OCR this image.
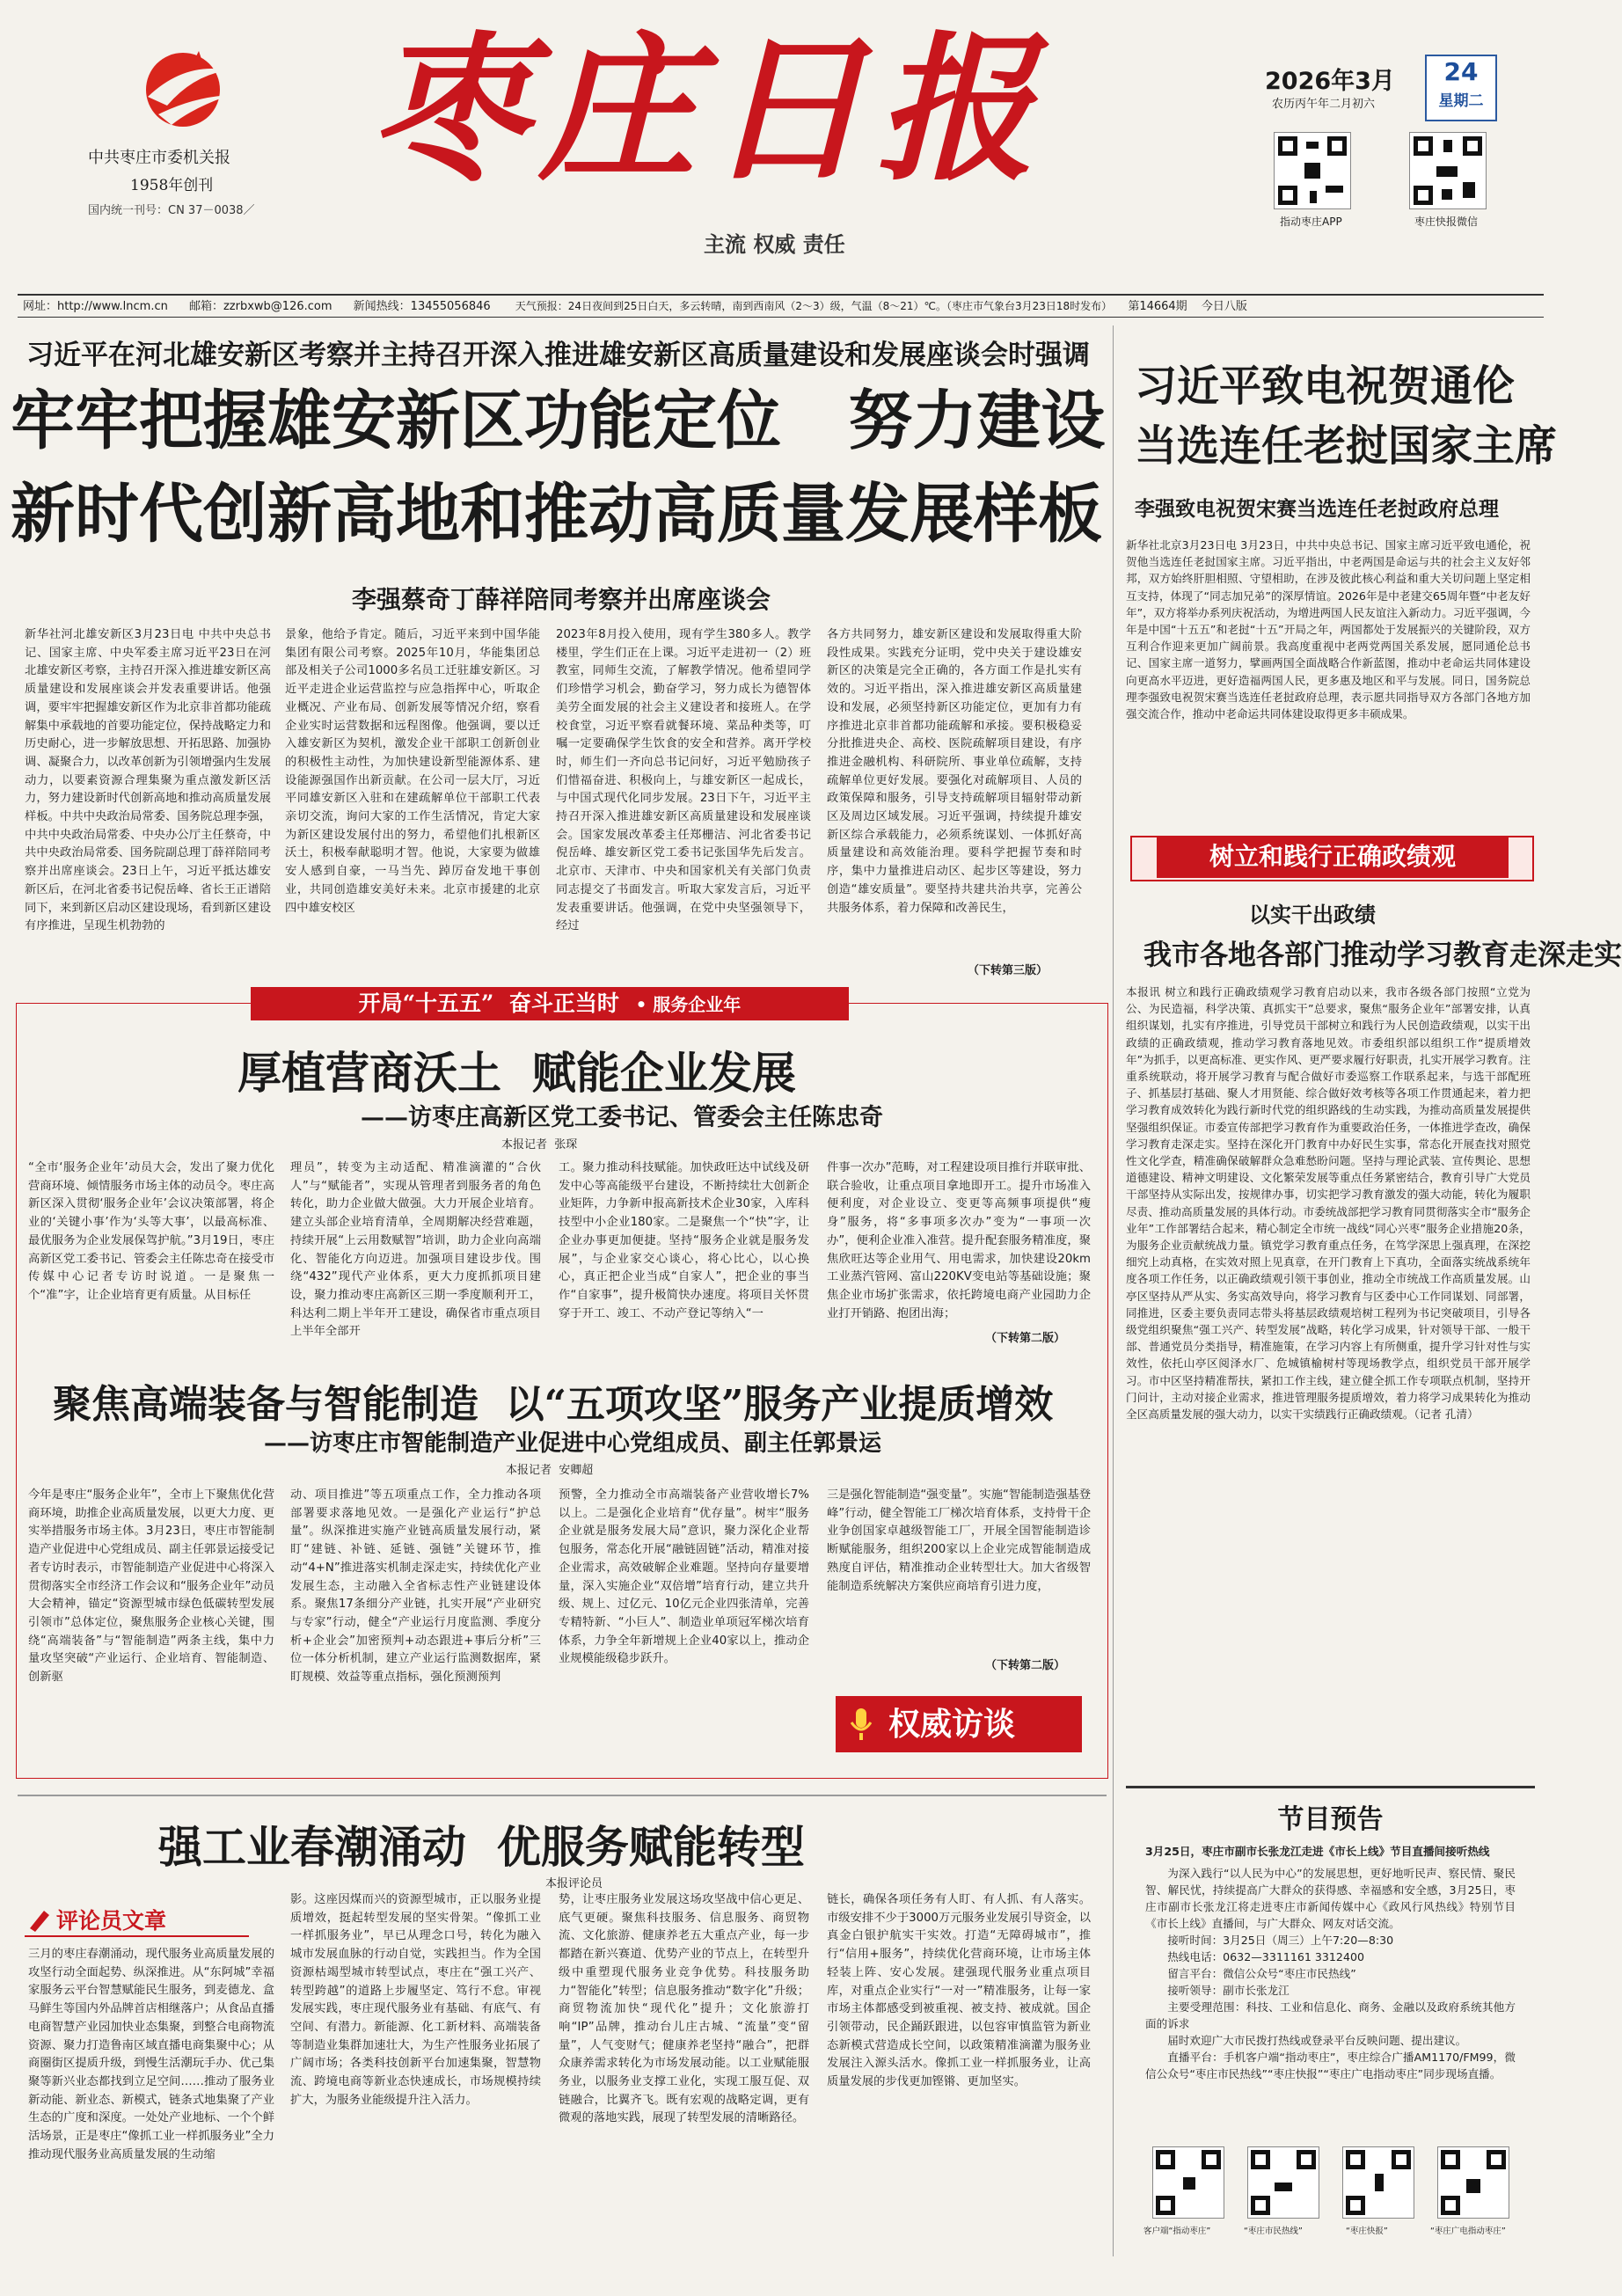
中共枣庄市委机关报
1958年创刊
国内统一刊号：CN 37－0038／
枣庄日报
主流 权威 责任
2026年3月
农历丙午年二月初六
24
星期二
指动枣庄APP	枣庄快报微信
网址：http://www.lncm.cn 邮箱：zzrbxwb@126.com 新闻热线：13455056846 天气预报：24日夜间到25日白天，多云转晴，南到西南风（2～3）级，气温（8～21）℃。（枣庄市气象台3月23日18时发布） 第14664期 今日八版
习近平在河北雄安新区考察并主持召开深入推进雄安新区高质量建设和发展座谈会时强调
牢牢把握雄安新区功能定位   努力建设
新时代创新高地和推动高质量发展样板
李强蔡奇丁薛祥陪同考察并出席座谈会
新华社河北雄安新区3月23日电 中共中央总书记、国家主席、中央军委主席习近平23日在河北雄安新区考察，主持召开深入推进雄安新区高质量建设和发展座谈会并发表重要讲话。他强调，要牢牢把握雄安新区作为北京非首都功能疏解集中承载地的首要功能定位，保持战略定力和历史耐心，进一步解放思想、开拓思路、加强协调、凝聚合力，以改革创新为引领增强内生发展动力，以要素资源合理集聚为重点激发新区活力，努力建设新时代创新高地和推动高质量发展样板。中共中央政治局常委、国务院总理李强，中共中央政治局常委、中央办公厅主任蔡奇，中共中央政治局常委、国务院副总理丁薛祥陪同考察并出席座谈会。23日上午，习近平抵达雄安新区后，在河北省委书记倪岳峰、省长王正谱陪同下，来到新区启动区建设现场，看到新区建设有序推进，呈现生机勃勃的
景象，他给予肯定。随后，习近平来到中国华能集团有限公司考察。2025年10月，华能集团总部及相关子公司1000多名员工迁驻雄安新区。习近平走进企业运营监控与应急指挥中心，听取企业概况、产业布局、创新发展等情况介绍，察看企业实时运营数据和远程图像。他强调，要以迁入雄安新区为契机，激发企业干部职工创新创业的积极性主动性，为加快建设新型能源体系、建设能源强国作出新贡献。在公司一层大厅，习近平同雄安新区入驻和在建疏解单位干部职工代表亲切交流，询问大家的工作生活情况，肯定大家为新区建设发展付出的努力，希望他们扎根新区沃土，积极奉献聪明才智。他说，大家要为做雄安人感到自豪，一马当先、踔厉奋发地干事创业，共同创造雄安美好未来。北京市援建的北京四中雄安校区
2023年8月投入使用，现有学生380多人。教学楼里，学生们正在上课。习近平走进初一（2）班教室，同师生交流，了解教学情况。他希望同学们珍惜学习机会，勤奋学习，努力成长为德智体美劳全面发展的社会主义建设者和接班人。在学校食堂，习近平察看就餐环境、菜品种类等，叮嘱一定要确保学生饮食的安全和营养。离开学校时，师生们一齐向总书记问好，习近平勉励孩子们惜福奋进、积极向上，与雄安新区一起成长，与中国式现代化同步发展。23日下午，习近平主持召开深入推进雄安新区高质量建设和发展座谈会。国家发展改革委主任郑栅洁、河北省委书记倪岳峰、雄安新区党工委书记张国华先后发言。北京市、天津市、中央和国家机关有关部门负责同志提交了书面发言。听取大家发言后，习近平发表重要讲话。他强调，在党中央坚强领导下，经过
各方共同努力，雄安新区建设和发展取得重大阶段性成果。实践充分证明，党中央关于建设雄安新区的决策是完全正确的，各方面工作是扎实有效的。习近平指出，深入推进雄安新区高质量建设和发展，必须坚持新区功能定位，更加有力有序推进北京非首都功能疏解和承接。要积极稳妥分批推进央企、高校、医院疏解项目建设，有序推进金融机构、科研院所、事业单位疏解，支持疏解单位更好发展。要强化对疏解项目、人员的政策保障和服务，引导支持疏解项目辐射带动新区及周边区域发展。习近平强调，持续提升雄安新区综合承载能力，必须系统谋划、一体抓好高质量建设和高效能治理。要科学把握节奏和时序，集中力量推进启动区、起步区等建设，努力创造“雄安质量”。要坚持共建共治共享，完善公共服务体系，着力保障和改善民生，
（下转第三版）
习近平致电祝贺通伦
当选连任老挝国家主席
李强致电祝贺宋赛当选连任老挝政府总理
新华社北京3月23日电 3月23日，中共中央总书记、国家主席习近平致电通伦，祝贺他当选连任老挝国家主席。习近平指出，中老两国是命运与共的社会主义友好邻邦，双方始终肝胆相照、守望相助，在涉及彼此核心利益和重大关切问题上坚定相互支持，体现了“同志加兄弟”的深厚情谊。2026年是中老建交65周年暨“中老友好年”，双方将举办系列庆祝活动，为增进两国人民友谊注入新动力。习近平强调，今年是中国“十五五”和老挝“十五”开局之年，两国都处于发展振兴的关键阶段，双方互利合作迎来更加广阔前景。我高度重视中老两党两国关系发展，愿同通伦总书记、国家主席一道努力，擘画两国全面战略合作新蓝图，推动中老命运共同体建设向更高水平迈进，更好造福两国人民，更多惠及地区和平与发展。同日，国务院总理李强致电祝贺宋赛当选连任老挝政府总理，表示愿共同指导双方各部门各地方加强交流合作，推动中老命运共同体建设取得更多丰硕成果。
树立和践行正确政绩观
以实干出政绩
我市各地各部门推动学习教育走深走实
本报讯 树立和践行正确政绩观学习教育启动以来，我市各级各部门按照“立党为公、为民造福，科学决策、真抓实干”总要求，聚焦“服务企业年”部署安排，认真组织谋划，扎实有序推进，引导党员干部树立和践行为人民创造政绩观，以实干出政绩的正确政绩观，推动学习教育落地见效。市委组织部以组织工作“提质增效年”为抓手，以更高标准、更实作风、更严要求履行好职责，扎实开展学习教育。注重系统联动，将开展学习教育与配合做好市委巡察工作联系起来，与选干部配班子、抓基层打基础、聚人才用贤能、综合做好效考核等各项工作贯通起来，着力把学习教育成效转化为践行新时代党的组织路线的生动实践，为推动高质量发展提供坚强组织保证。市委宣传部把学习教育作为重要政治任务，一体推进学查改，确保学习教育走深走实。坚持在深化开门教育中办好民生实事，常态化开展查找对照党性文化学查，精准确保破解群众急难愁盼问题。坚持与理论武装、宣传舆论、思想道德建设、精神文明建设、文化繁荣发展等重点任务紧密结合，教育引导广大党员干部坚持从实际出发，按规律办事，切实把学习教育激发的强大动能，转化为履职尽责、推动高质量发展的具体行动。市委统战部把学习教育同贯彻落实全市“服务企业年”工作部署结合起来，精心制定全市统一战线“同心兴枣”服务企业措施20条，为服务企业贡献统战力量。镇党学习教育重点任务，在笃学深思上强真理，在深挖细究上动真格，在实效对照上见真章，在开门教育上下真功，全面落实统战系统年度各项工作任务，以正确政绩观引领干事创业，推动全市统战工作高质量发展。山亭区坚持从严从实、务实高效导向，将学习教育与区委中心工作同谋划、同部署，同推进，区委主要负责同志带头将基层政绩观培树工程列为书记突破项目，引导各级党组织聚焦“强工兴产、转型发展”战略，转化学习成果，针对领导干部、一般干部、普通党员分类指导，精准施策，在学习内容上有所侧重，提升学习针对性与实效性，依托山亭区阅泽水厂、危城镇榆树村等现场教学点，组织党员干部开展学习。市中区坚持精准帮扶，紧扣工作主线，建立健全抓工作专项联点机制，坚持开门问计，主动对接企业需求，推进管理服务提质增效，着力将学习成果转化为推动全区高质量发展的强大动力，以实干实绩践行正确政绩观。（记者 孔清）
节目预告
3月25日，枣庄市副市长张龙江走进《市长上线》节目直播间接听热线
为深入践行“以人民为中心”的发展思想，更好地听民声、察民情、聚民智、解民忧，持续提高广大群众的获得感、幸福感和安全感，3月25日，枣庄市副市长张龙江将走进枣庄市新闻传媒中心《政风行风热线》特别节目《市长上线》直播间，与广大群众、网友对话交流。
接听时间：3月25日（周三）上午7:20—8:30
热线电话：0632—3311161 3312400
留言平台：微信公众号“枣庄市民热线”
接听领导：副市长张龙江
主要受理范围：科技、工业和信息化、商务、金融以及政府系统其他方面的诉求
届时欢迎广大市民拨打热线或登录平台反映问题、提出建议。
直播平台：手机客户端“指动枣庄”，枣庄综合广播AM1170/FM99，微信公众号“枣庄市民热线”“枣庄快报”“枣庄广电指动枣庄”同步现场直播。
客户端“指动枣庄”	“枣庄市民热线”	“枣庄快报”	“枣庄广电指动枣庄”
开局“十五五”  奋斗正当时 • 服务企业年
厚植营商沃土  赋能企业发展
——访枣庄高新区党工委书记、管委会主任陈忠奇
本报记者  张琛
“全市‘服务企业年’动员大会，发出了聚力优化营商环境、倾情服务市场主体的动员令。枣庄高新区深入贯彻‘服务企业年’会议决策部署，将企业的‘关键小事’作为‘头等大事’，以最高标准、最优服务为企业发展保驾护航。”3月19日，枣庄高新区党工委书记、管委会主任陈忠奇在接受市传媒中心记者专访时说道。一是聚焦一个“准”字，让企业培育更有质量。从目标任
理员”，转变为主动适配、精准滴灌的“合伙人”与“赋能者”，实现从管理者到服务者的角色转化，助力企业做大做强。大力开展企业培育。建立头部企业培育清单，全周期解决经营难题，持续开展“上云用数赋智”培训，助力企业向高端化、智能化方向迈进。加强项目建设步伐。围绕“432”现代产业体系，更大力度抓抓项目建设，聚力推动枣庄高新区三期一季度顺利开工，科达利二期上半年开工建设，确保省市重点项目上半年全部开
工。聚力推动科技赋能。加快政旺达中试线及研发中心等高能级平台建设，不断持续壮大创新企业矩阵，力争新申报高新技术企业30家，入库科技型中小企业180家。二是聚焦一个“快”字，让企业办事更加便捷。坚持“服务企业就是服务发展”，与企业家交心谈心，将心比心，以心换心，真正把企业当成“自家人”，把企业的事当作“自家事”，提升极简快办速度。将项目关怀贯穿于开工、竣工、不动产登记等纳入“一
件事一次办”范畴，对工程建设项目推行并联审批、联合验收，让重点项目拿地即开工。提升市场准入便利度，对企业设立、变更等高频事项提供“瘦身”服务，将“多事项多次办”变为“一事项一次办”，便利企业准入准营。提升配套服务精准度，聚焦欣旺达等企业用气、用电需求，加快建设20km工业蒸汽管网、富山220KV变电站等基础设施；聚焦企业市场扩张需求，依托跨境电商产业园助力企业打开销路、抱团出海；
（下转第二版）
聚焦高端装备与智能制造  以“五项攻坚”服务产业提质增效
——访枣庄市智能制造产业促进中心党组成员、副主任郭景运
本报记者  安卿超
今年是枣庄“服务企业年”，全市上下聚焦优化营商环境，助推企业高质量发展，以更大力度、更实举措服务市场主体。3月23日，枣庄市智能制造产业促进中心党组成员、副主任郭景运接受记者专访时表示，市智能制造产业促进中心将深入贯彻落实全市经济工作会议和“服务企业年”动员大会精神，锚定“资源型城市绿色低碳转型发展引领市”总体定位，聚焦服务企业核心关键，围绕“高端装备”与“智能制造”两条主线，集中力量攻坚突破“产业运行、企业培育、智能制造、创新驱
动、项目推进”等五项重点工作，全力推动各项部署要求落地见效。一是强化产业运行“护总量”。纵深推进实施产业链高质量发展行动，紧盯“建链、补链、延链、强链”关键环节，推动“4+N”推进落实机制走深走实，持续优化产业发展生态，主动融入全省标志性产业链建设体系。聚焦17条细分产业链，扎实开展“产业研究与专家”行动，健全“产业运行月度监测、季度分析+企业会”加密预判+动态跟进+事后分析”三位一体分析机制，建立产业运行监测数据库，紧盯规模、效益等重点指标，强化预测预判
预警，全力推动全市高端装备产业营收增长7%以上。二是强化企业培育“优存量”。树牢“服务企业就是服务发展大局”意识，聚力深化企业帮包服务，常态化开展“融链固链”活动，精准对接企业需求，高效破解企业难题。坚持向存量要增量，深入实施企业“双倍增”培育行动，建立共升级、规上、过亿元、10亿元企业四张清单，完善专精特新、“小巨人”、制造业单项冠军梯次培育体系，力争全年新增规上企业40家以上，推动企业规模能级稳步跃升。
三是强化智能制造“强变量”。实施“智能制造强基登峰”行动，健全智能工厂梯次培育体系，支持骨干企业争创国家卓越级智能工厂，开展全国智能制造诊断赋能服务，组织200家以上企业完成智能制造成熟度自评估，精准推动企业转型壮大。加大省级智能制造系统解决方案供应商培育引进力度，
（下转第二版）
权威访谈
强工业春潮涌动  优服务赋能转型
本报评论员
评论员文章
三月的枣庄春潮涌动，现代服务业高质量发展的攻坚行动全面起势、纵深推进。从“东阿城”幸福家服务云平台智慧赋能民生服务，到麦德龙、盒马鲜生等国内外品牌首店相继落户；从食品直播电商智慧产业园加快业态集聚，到整合电商物流资源、聚力打造鲁南区域直播电商集聚中心；从商圈街区提质升级，到慢生活潮玩手办、优己集聚等新兴业态都找到立足空间……推动了服务业新动能、新业态、新模式，链条式地集聚了产业生态的广度和深度。一处处产业地标、一个个鲜活场景，正是枣庄“像抓工业一样抓服务业”全力推动现代服务业高质量发展的生动缩
影。这座因煤而兴的资源型城市，正以服务业提质增效，挺起转型发展的坚实骨架。“像抓工业一样抓服务业”，早已从理念口号，转化为融入城市发展血脉的行动自觉，实践担当。作为全国资源枯竭型城市转型试点，枣庄在“强工兴产、转型跨越”的道路上步履坚定、笃行不怠。审视发展实践，枣庄现代服务业有基础、有底气、有空间、有潜力。新能源、化工新材料、高端装备等制造业集群加速壮大，为生产性服务业拓展了广阔市场；各类科技创新平台加速集聚，智慧物流、跨境电商等新业态快速成长，市场规模持续扩大，为服务业能级提升注入活力。
势，让枣庄服务业发展这场攻坚战中信心更足、底气更硬。聚焦科技服务、信息服务、商贸物流、文化旅游、健康养老五大重点产业，每一步都踏在新兴赛道、优势产业的节点上，在转型升级中重塑现代服务业竞争优势。科技服务助力“智能化”转型；信息服务推动“数字化”升级；商贸物流加快“现代化”提升；文化旅游打响“IP”品牌，推动台儿庄古城、“流量”变“留量”，人气变财气；健康养老坚持“融合”，把群众康养需求转化为市场发展动能。以工业赋能服务业，以服务业支撑工业化，实现工服互促、双链融合，比翼齐飞。既有宏观的战略定调，更有微观的落地实践，展现了转型发展的清晰路径。
链长，确保各项任务有人盯、有人抓、有人落实。市级安排不少于3000万元服务业发展引导资金，以真金白银护航实干实效。打造“无障碍城市”，推行“信用+服务”，持续优化营商环境，让市场主体轻装上阵、安心发展。建强现代服务业重点项目库，对重点企业实行“一对一”精准服务，让每一家市场主体都感受到被重视、被支持、被成就。国企引领带动，民企踊跃跟进，以包容审慎监管为新业态新模式营造成长空间，以政策精准滴灌为服务业发展注入源头活水。像抓工业一样抓服务业，让高质量发展的步伐更加铿锵、更加坚实。
